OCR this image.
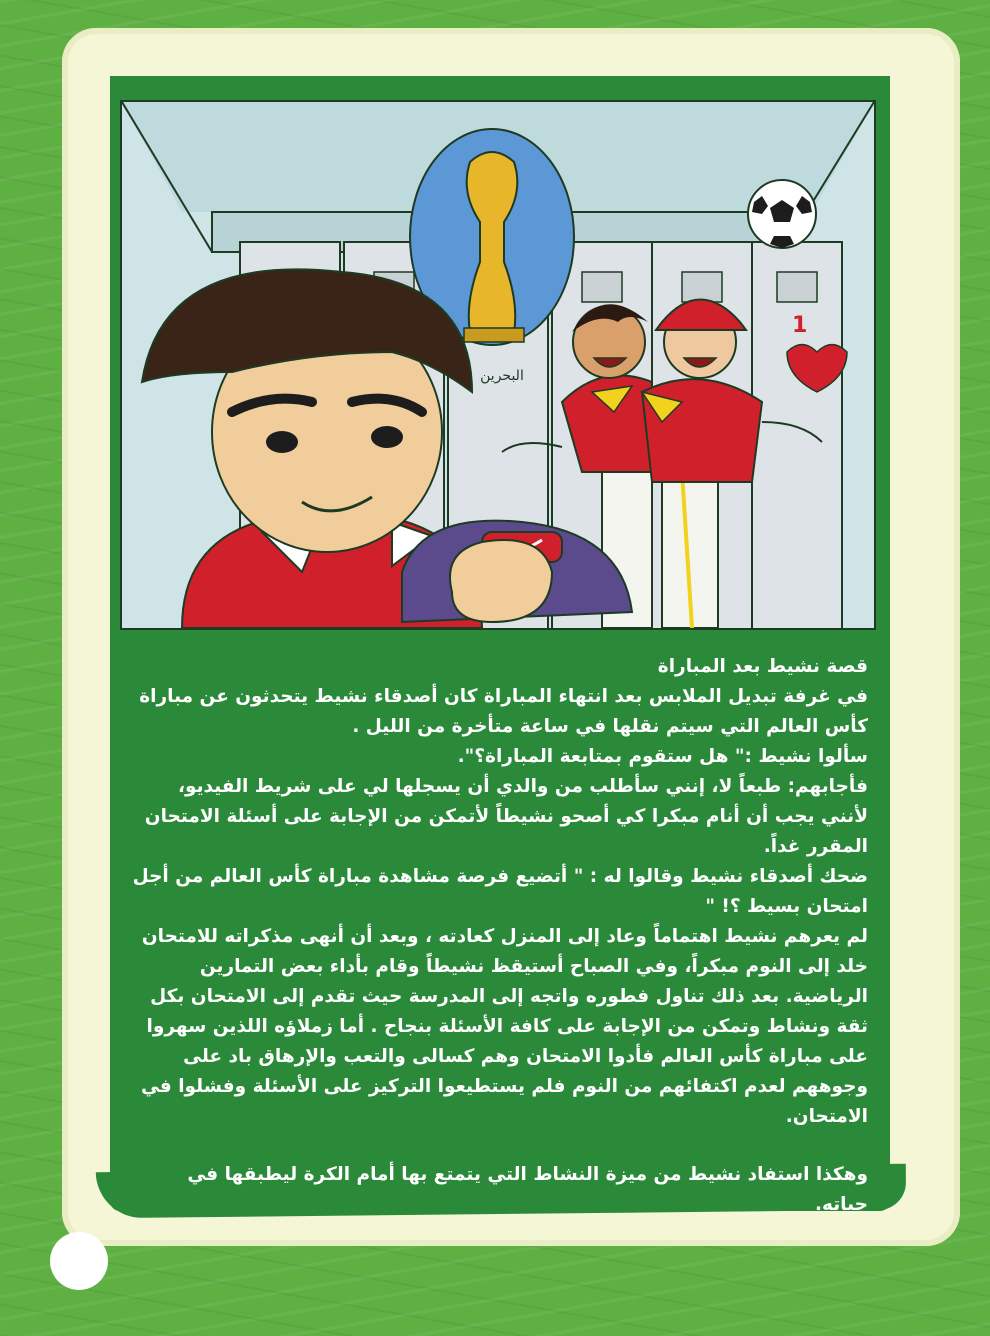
1
البحرين

قصة نشيط بعد المباراة

في غرفة تبديل الملابس بعد انتهاء المباراة كان أصدقاء نشيط يتحدثون عن مباراة كأس العالم التي سيتم نقلها في ساعة متأخرة من الليل .

سألوا نشيط :" هل ستقوم بمتابعة المباراة؟".

فأجابهم: طبعاً لا، إنني سأطلب من والدي أن يسجلها لي على شريط الفيديو، لأنني يجب أن أنام مبكرا كي أصحو نشيطاً لأتمكن من الإجابة على أسئلة الامتحان المقرر غداً.

ضحك أصدقاء نشيط وقالوا له : " أتضيع فرصة مشاهدة مباراة كأس العالم من أجل امتحان بسيط ؟! "

لم يعرهم نشيط اهتماماً وعاد إلى المنزل كعادته ، وبعد أن أنهى مذكراته للامتحان خلد إلى النوم مبكراً، وفي الصباح أستيقظ نشيطاً وقام بأداء بعض التمارين الرياضية. بعد ذلك تناول فطوره واتجه إلى المدرسة حيث تقدم إلى الامتحان بكل ثقة ونشاط وتمكن من الإجابة على كافة الأسئلة بنجاح . أما زملاؤه اللذين سهروا على مباراة كأس العالم فأدوا الامتحان وهم كسالى والتعب والإرهاق باد على وجوههم لعدم اكتفائهم من النوم فلم يستطيعوا التركيز على الأسئلة وفشلوا في الامتحان.

وهكذا استفاد نشيط من ميزة النشاط التي يتمتع بها أمام الكرة ليطبقها في حياته.
